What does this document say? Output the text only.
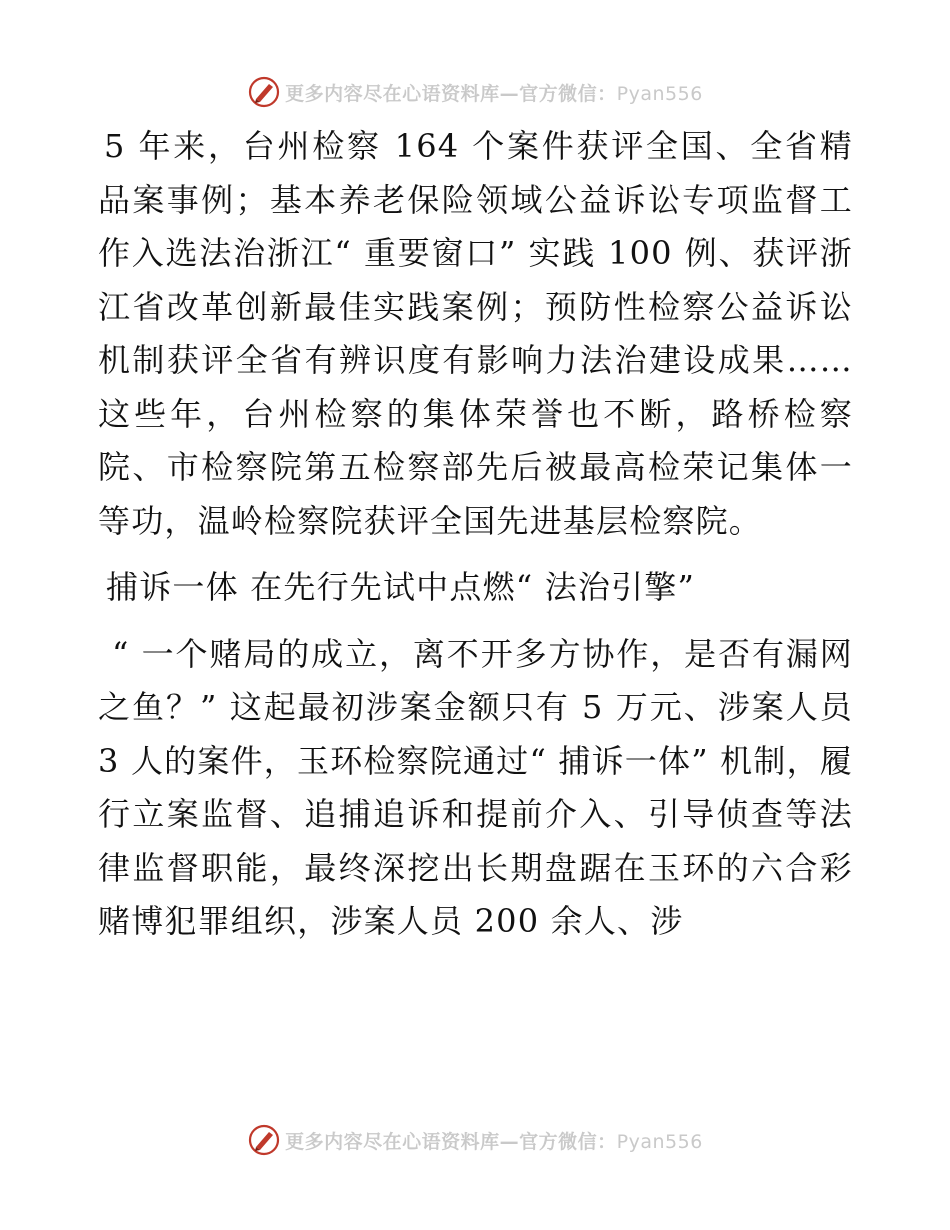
更多内容尽在心语资料库—官方微信：Pyan556

5 年来，台州检察 164 个案件获评全国、全省精品案事例；基本养老保险领域公益诉讼专项监督工作入选法治浙江“ 重要窗口” 实践 100 例、获评浙江省改革创新最佳实践案例；预防性检察公益诉讼机制获评全省有辨识度有影响力法治建设成果……这些年，台州检察的集体荣誉也不断，路桥检察院、市检察院第五检察部先后被最高检荣记集体一等功，温岭检察院获评全国先进基层检察院。

捕诉一体 在先行先试中点燃“ 法治引擎”

“ 一个赌局的成立，离不开多方协作，是否有漏网之鱼？” 这起最初涉案金额只有 5 万元、涉案人员 3 人的案件，玉环检察院通过“ 捕诉一体” 机制，履行立案监督、追捕追诉和提前介入、引导侦查等法律监督职能，最终深挖出长期盘踞在玉环的六合彩赌博犯罪组织，涉案人员 200 余人、涉

更多内容尽在心语资料库—官方微信：Pyan556
